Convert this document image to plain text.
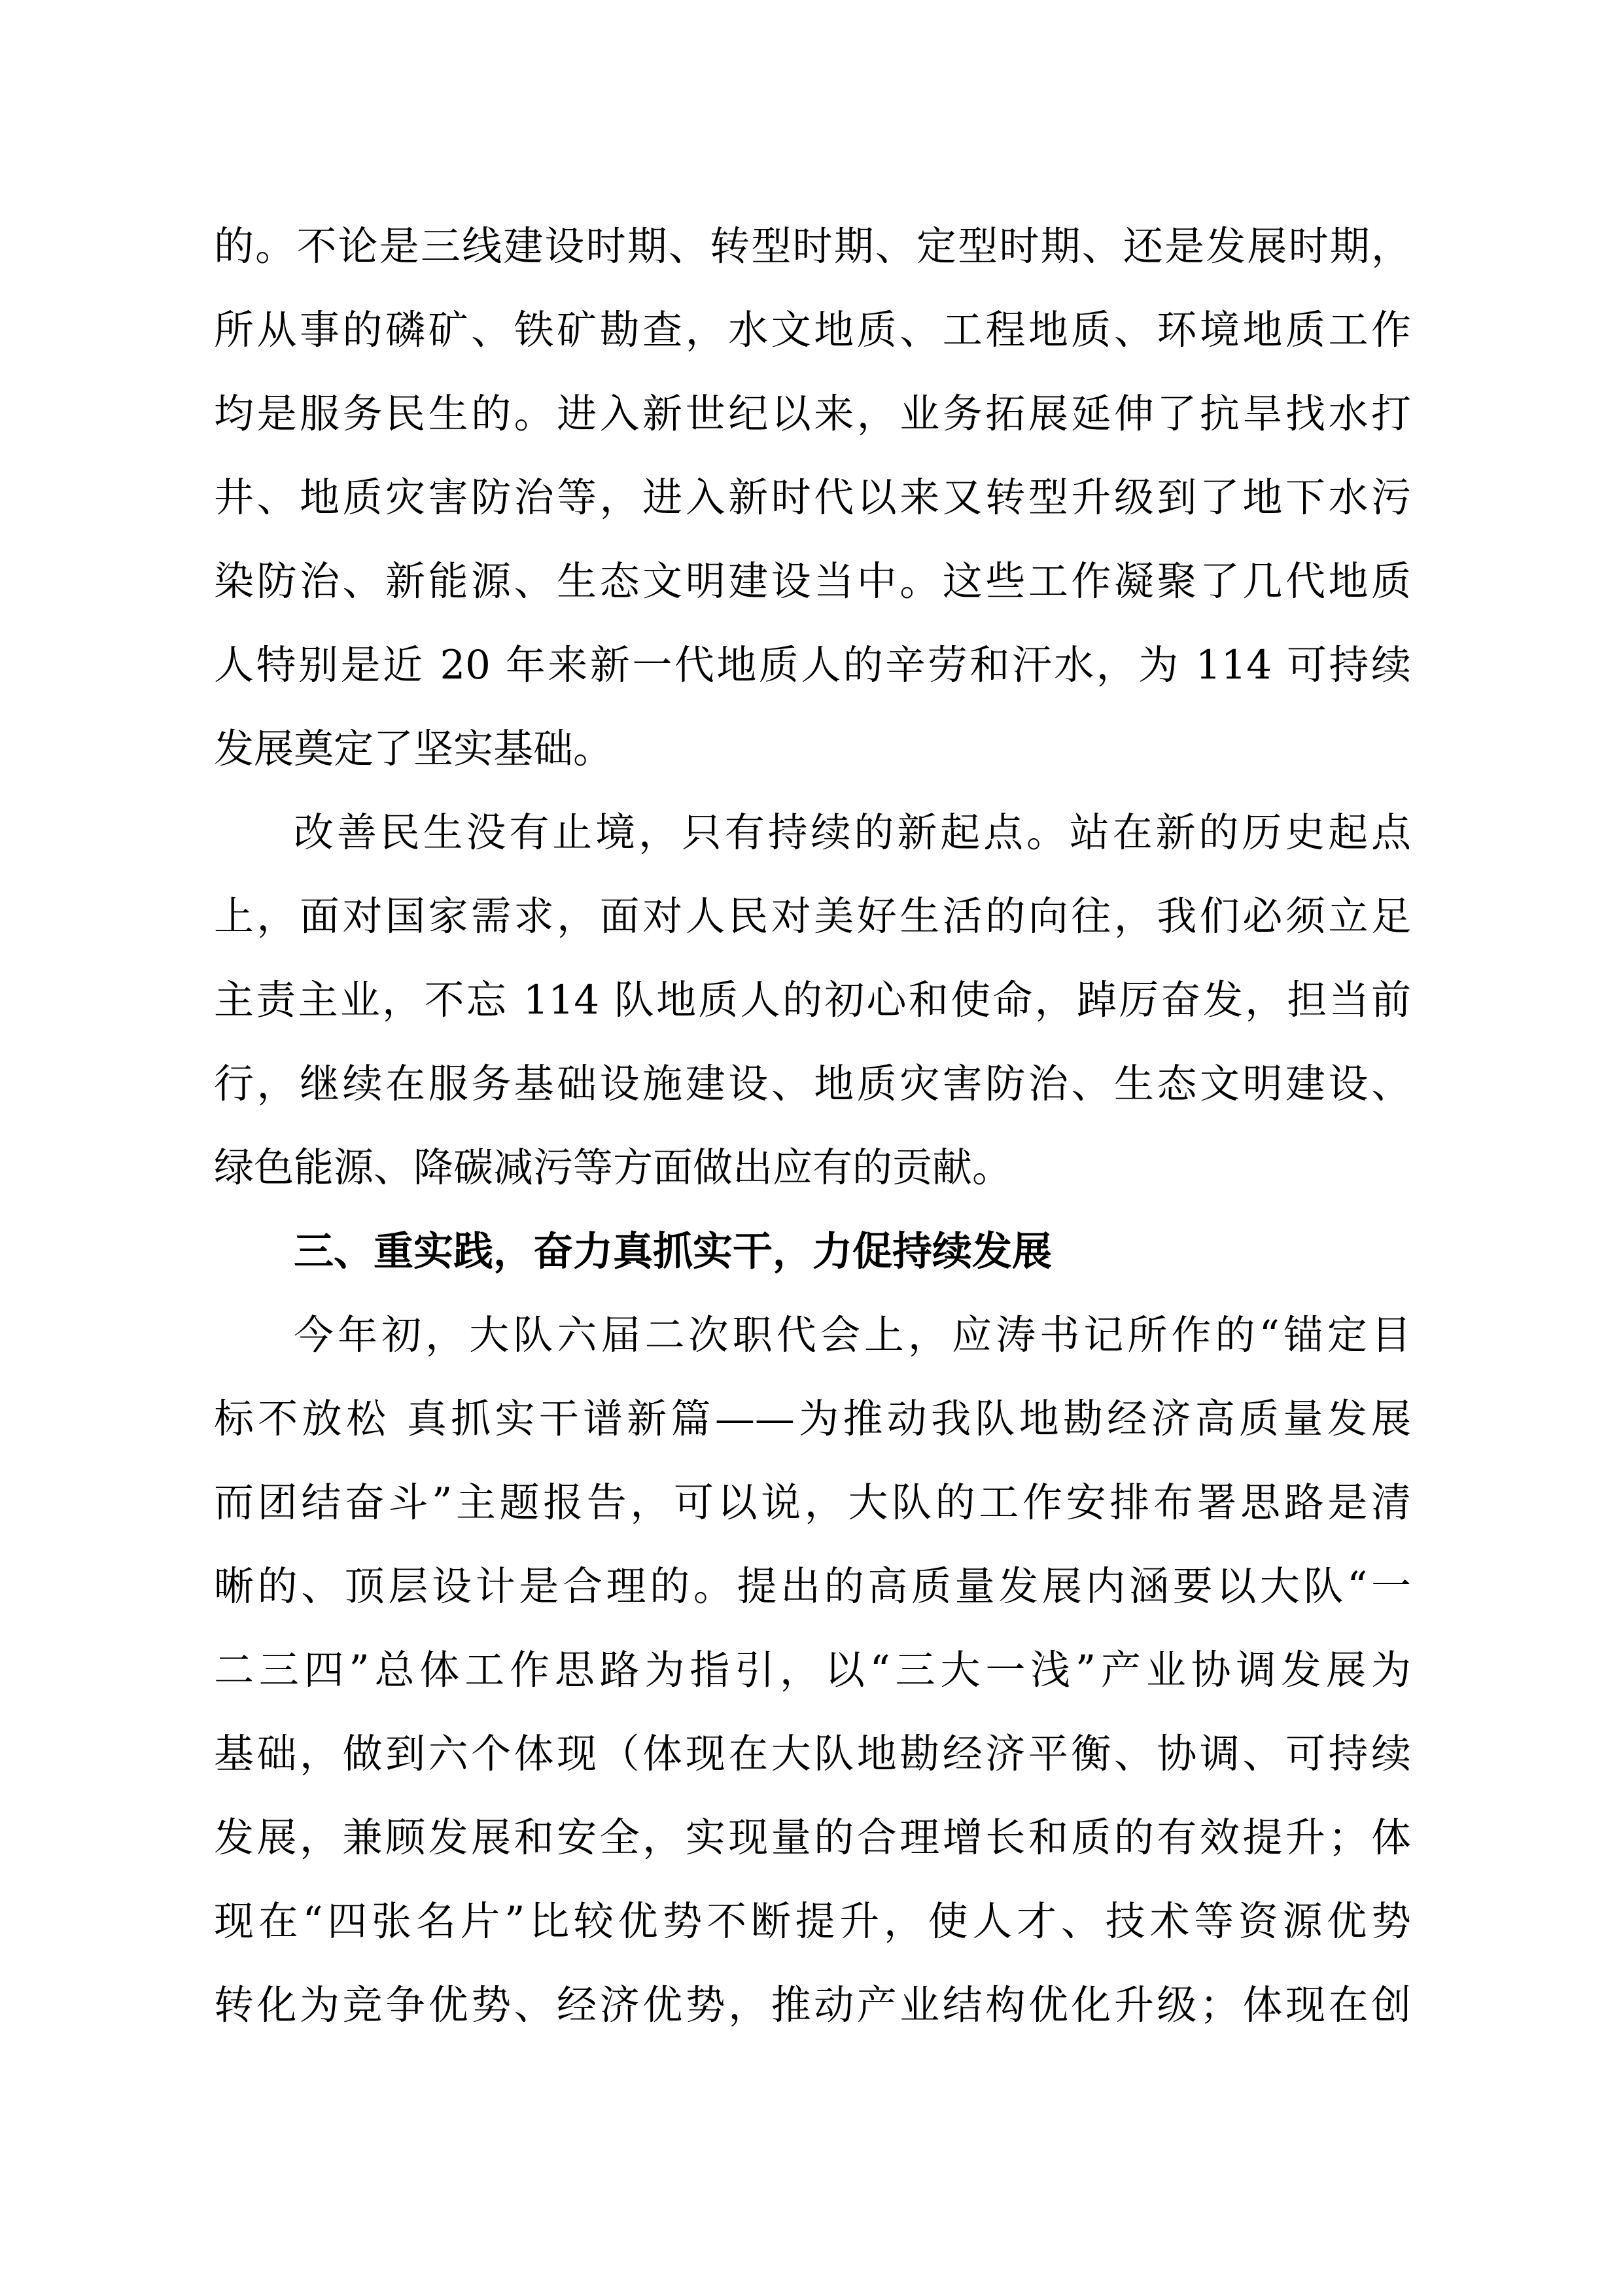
的。不论是三线建设时期、转型时期、定型时期、还是发展时期，

所从事的磷矿、铁矿勘查，水文地质、工程地质、环境地质工作

均是服务民生的。进入新世纪以来，业务拓展延伸了抗旱找水打

井、地质灾害防治等，进入新时代以来又转型升级到了地下水污

染防治、新能源、生态文明建设当中。这些工作凝聚了几代地质

人特别是近 20 年来新一代地质人的辛劳和汗水，为 114 可持续

发展奠定了坚实基础。

改善民生没有止境，只有持续的新起点。站在新的历史起点

上，面对国家需求，面对人民对美好生活的向往，我们必须立足

主责主业，不忘 114 队地质人的初心和使命，踔厉奋发，担当前

行，继续在服务基础设施建设、地质灾害防治、生态文明建设、

绿色能源、降碳减污等方面做出应有的贡献。

三、重实践，奋力真抓实干，力促持续发展

今年初，大队六届二次职代会上，应涛书记所作的“锚定目

标不放松 真抓实干谱新篇——为推动我队地勘经济高质量发展

而团结奋斗”主题报告，可以说，大队的工作安排布署思路是清

晰的、顶层设计是合理的。提出的高质量发展内涵要以大队“一

二三四”总体工作思路为指引，以“三大一浅”产业协调发展为

基础，做到六个体现（体现在大队地勘经济平衡、协调、可持续

发展，兼顾发展和安全，实现量的合理增长和质的有效提升；体

现在“四张名片”比较优势不断提升，使人才、技术等资源优势

转化为竞争优势、经济优势，推动产业结构优化升级；体现在创
